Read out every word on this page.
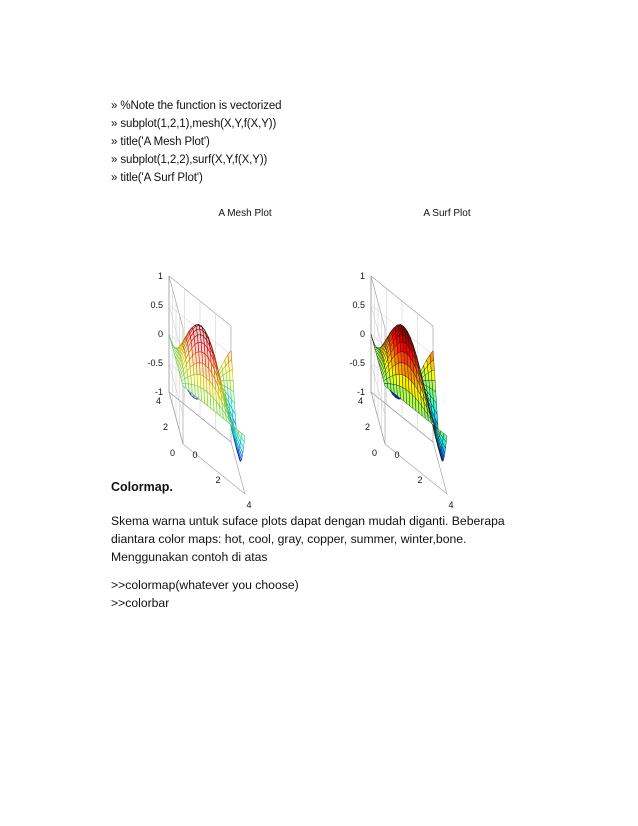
» %Note the function is vectorized
» subplot(1,2,1),mesh(X,Y,f(X,Y))
» title('A Mesh Plot')
» subplot(1,2,2),surf(X,Y,f(X,Y))
» title('A Surf Plot')
A Mesh Plot
1
0.5
0
-0.5
-1
4
2
0 0
2
4
A Surf Plot
1
0.5
0
-0.5
-1
4
2
0 0
2
4
Colormap.
Skema warna untuk suface plots dapat dengan mudah diganti. Beberapa
diantara color maps: hot, cool, gray, copper, summer, winter,bone.
Menggunakan contoh di atas
>>colormap(whatever you choose)
>>colorbar
